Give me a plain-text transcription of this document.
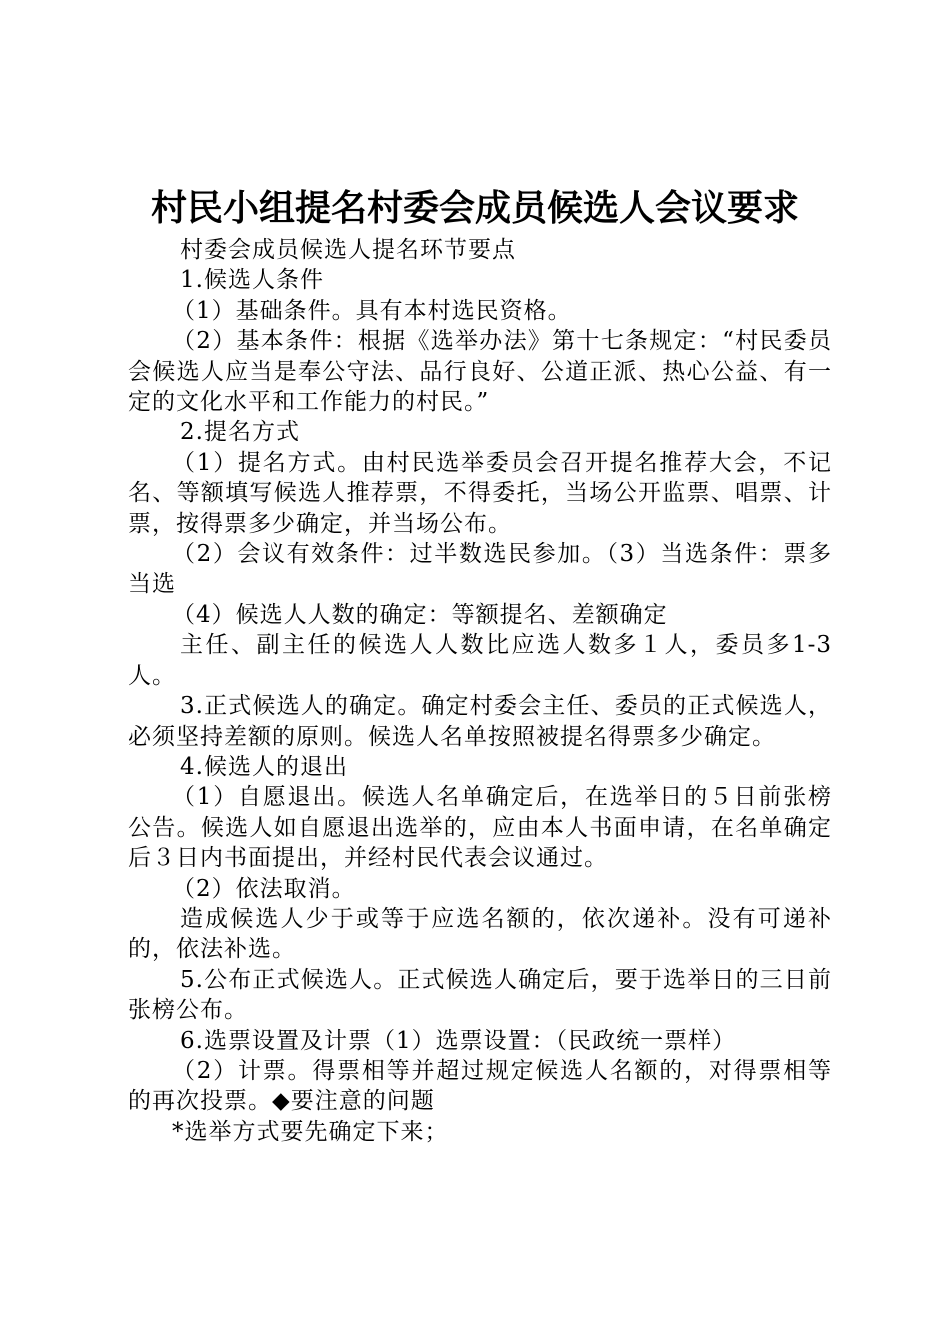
村民小组提名村委会成员候选人会议要求

村委会成员候选人提名环节要点

1.候选人条件

（1）基础条件。具有本村选民资格。

（2）基本条件：根据《选举办法》第十七条规定：“村民委员会候选人应当是奉公守法、品行良好、公道正派、热心公益、有一定的文化水平和工作能力的村民。”

2.提名方式

（1）提名方式。由村民选举委员会召开提名推荐大会，不记名、等额填写候选人推荐票，不得委托，当场公开监票、唱票、计票，按得票多少确定，并当场公布。

（2）会议有效条件：过半数选民参加。（3）当选条件：票多当选

（4）候选人人数的确定：等额提名、差额确定

主任、副主任的候选人人数比应选人数多１人，委员多1-3人。

3.正式候选人的确定。确定村委会主任、委员的正式候选人，必须坚持差额的原则。候选人名单按照被提名得票多少确定。

4.候选人的退出

（1）自愿退出。候选人名单确定后，在选举日的５日前张榜公告。候选人如自愿退出选举的，应由本人书面申请，在名单确定后３日内书面提出，并经村民代表会议通过。

（2）依法取消。

造成候选人少于或等于应选名额的，依次递补。没有可递补的，依法补选。

5.公布正式候选人。正式候选人确定后，要于选举日的三日前张榜公布。

6.选票设置及计票（1）选票设置：（民政统一票样）

（2）计票。得票相等并超过规定候选人名额的，对得票相等的再次投票。◆要注意的问题

*选举方式要先确定下来；
